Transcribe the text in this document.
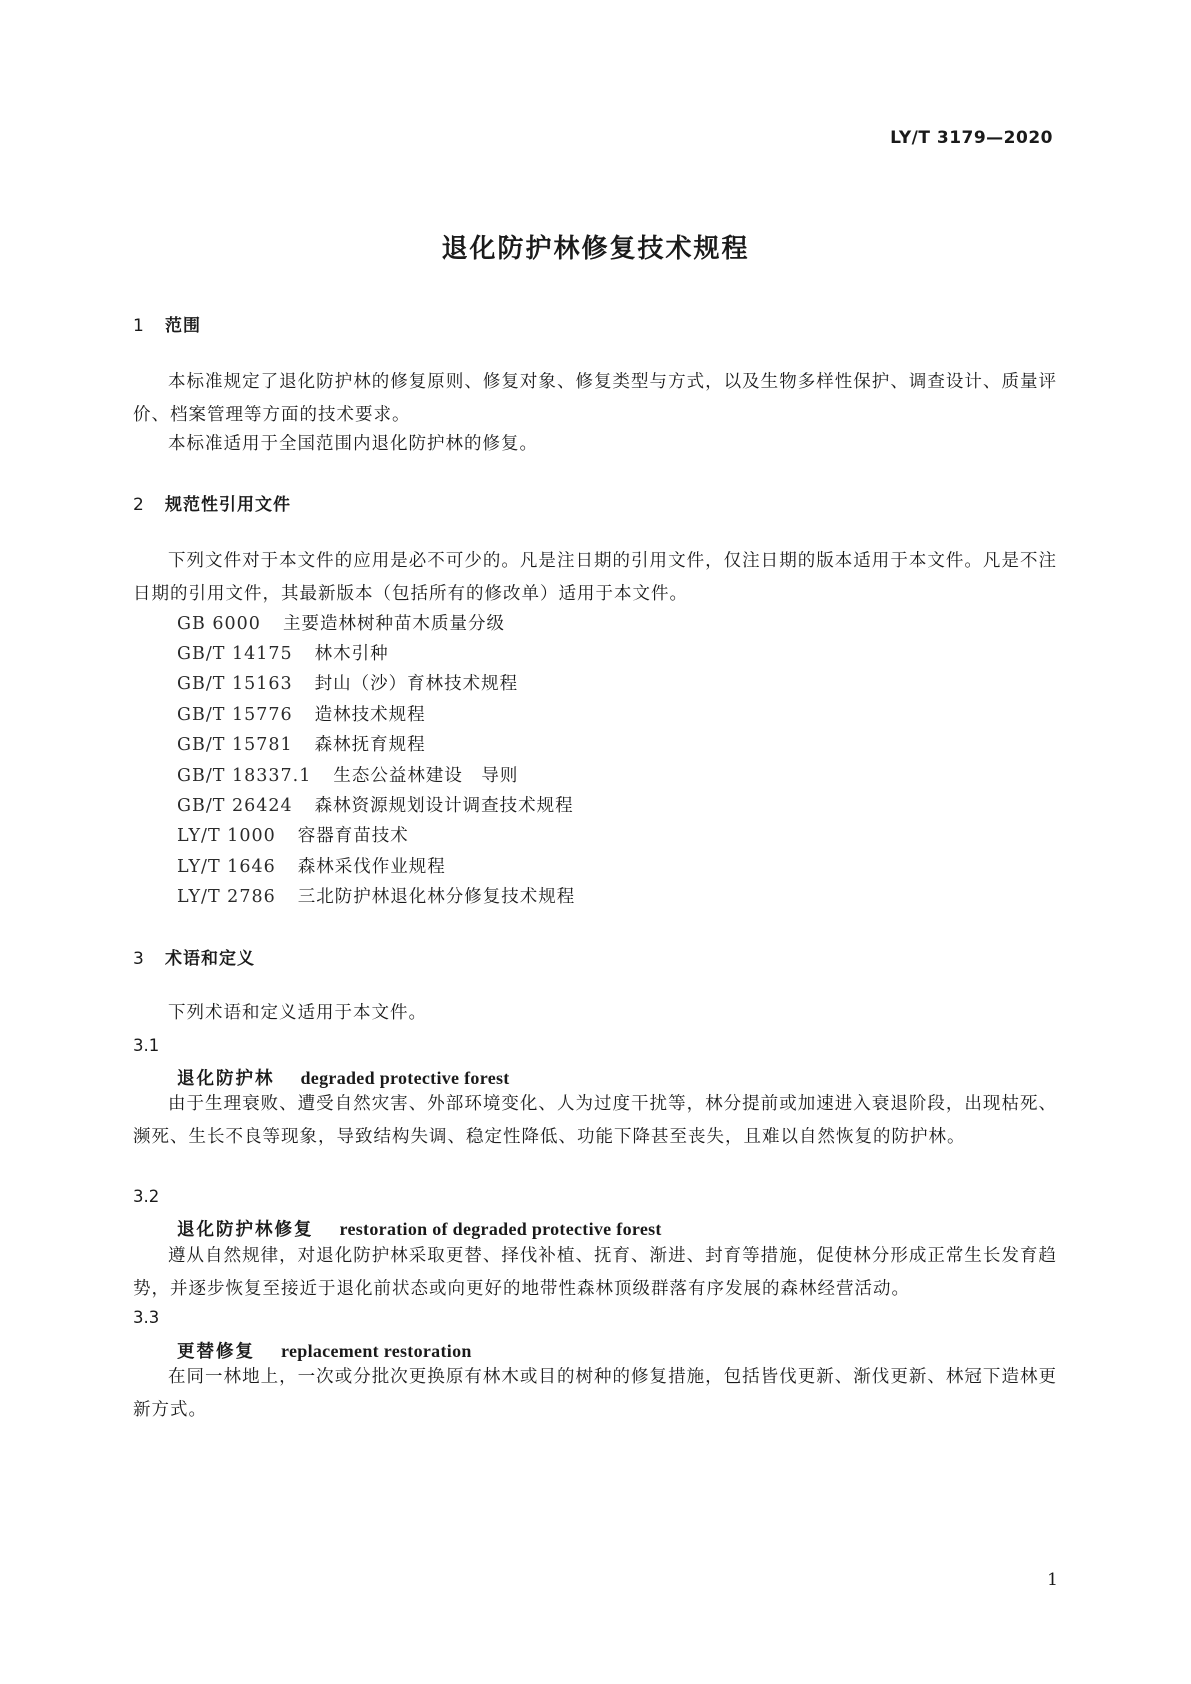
LY/T 3179—2020
退化防护林修复技术规程
1 范围

本标准规定了退化防护林的修复原则、修复对象、修复类型与方式，以及生物多样性保护、调查设计、质量评价、档案管理等方面的技术要求。

本标准适用于全国范围内退化防护林的修复。

2 规范性引用文件

下列文件对于本文件的应用是必不可少的。凡是注日期的引用文件，仅注日期的版本适用于本文件。凡是不注日期的引用文件，其最新版本（包括所有的修改单）适用于本文件。

GB 6000 主要造林树种苗木质量分级
GB/T 14175 林木引种
GB/T 15163 封山（沙）育林技术规程
GB/T 15776 造林技术规程
GB/T 15781 森林抚育规程
GB/T 18337.1 生态公益林建设　导则
GB/T 26424 森林资源规划设计调查技术规程
LY/T 1000 容器育苗技术
LY/T 1646 森林采伐作业规程
LY/T 2786 三北防护林退化林分修复技术规程
3 术语和定义

下列术语和定义适用于本文件。

3.1
退化防护林 degraded protective forest

由于生理衰败、遭受自然灾害、外部环境变化、人为过度干扰等，林分提前或加速进入衰退阶段，出现枯死、濒死、生长不良等现象，导致结构失调、稳定性降低、功能下降甚至丧失，且难以自然恢复的防护林。

3.2
退化防护林修复 restoration of degraded protective forest

遵从自然规律，对退化防护林采取更替、择伐补植、抚育、渐进、封育等措施，促使林分形成正常生长发育趋势，并逐步恢复至接近于退化前状态或向更好的地带性森林顶级群落有序发展的森林经营活动。

3.3
更替修复 replacement restoration

在同一林地上，一次或分批次更换原有林木或目的树种的修复措施，包括皆伐更新、渐伐更新、林冠下造林更新方式。

1
